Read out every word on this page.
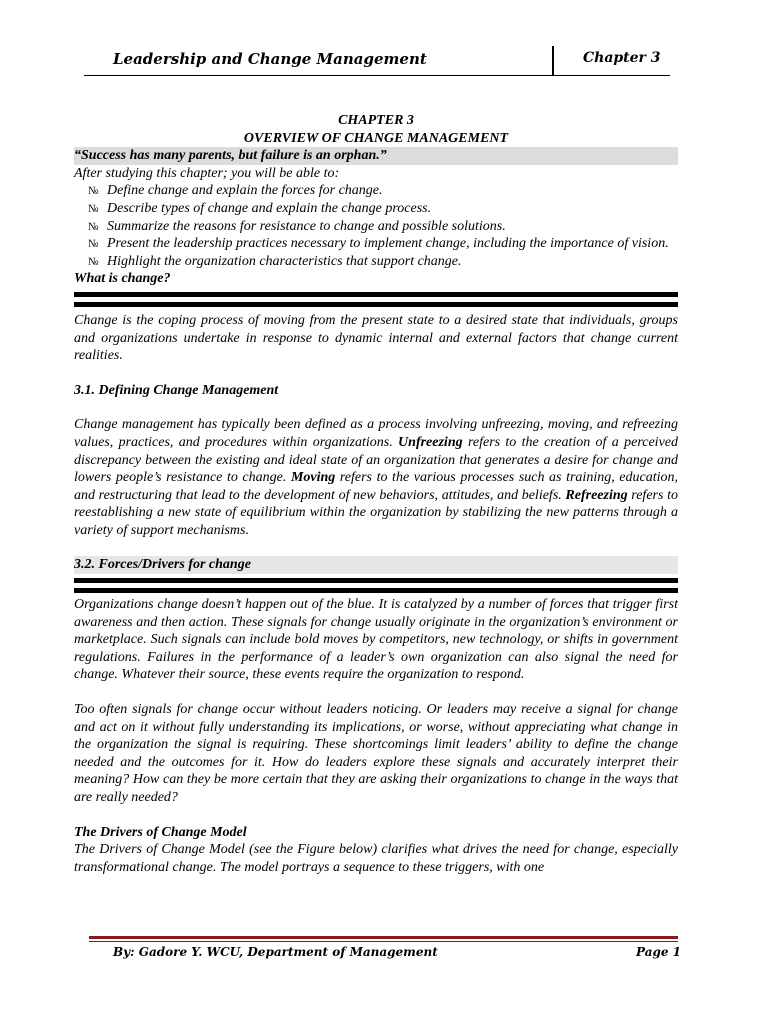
Leadership and Change Management	Chapter 3
CHAPTER 3
OVERVIEW OF CHANGE MANAGEMENT
“Success has many parents, but failure is an orphan.”
After studying this chapter; you will be able to:
№ Define change and explain the forces for change.
№ Describe types of change and explain the change process.
№ Summarize the reasons for resistance to change and possible solutions.
№ Present the leadership practices necessary to implement change, including the importance of vision.
№ Highlight the organization characteristics that support change.
What is change?

Change is the coping process of moving from the present state to a desired state that individuals, groups and organizations undertake in response to dynamic internal and external factors that change current realities.

3.1. Defining Change Management

Change management has typically been defined as a process involving unfreezing, moving, and refreezing values, practices, and procedures within organizations. Unfreezing refers to the creation of a perceived discrepancy between the existing and ideal state of an organization that generates a desire for change and lowers people’s resistance to change. Moving refers to the various processes such as training, education, and restructuring that lead to the development of new behaviors, attitudes, and beliefs. Refreezing refers to reestablishing a new state of equilibrium within the organization by stabilizing the new patterns through a variety of support mechanisms.

3.2. Forces/Drivers for change

Organizations change doesn’t happen out of the blue. It is catalyzed by a number of forces that trigger first awareness and then action. These signals for change usually originate in the organization’s environment or marketplace. Such signals can include bold moves by competitors, new technology, or shifts in government regulations. Failures in the performance of a leader’s own organization can also signal the need for change. Whatever their source, these events require the organization to respond.

Too often signals for change occur without leaders noticing. Or leaders may receive a signal for change and act on it without fully understanding its implications, or worse, without appreciating what change in the organization the signal is requiring. These shortcomings limit leaders’ ability to define the change needed and the outcomes for it. How do leaders explore these signals and accurately interpret their meaning? How can they be more certain that they are asking their organizations to change in the ways that are really needed?

The Drivers of Change Model

The Drivers of Change Model (see the Figure below) clarifies what drives the need for change, especially transformational change. The model portrays a sequence to these triggers, with one

By: Gadore Y. WCU, Department of Management	Page 1
